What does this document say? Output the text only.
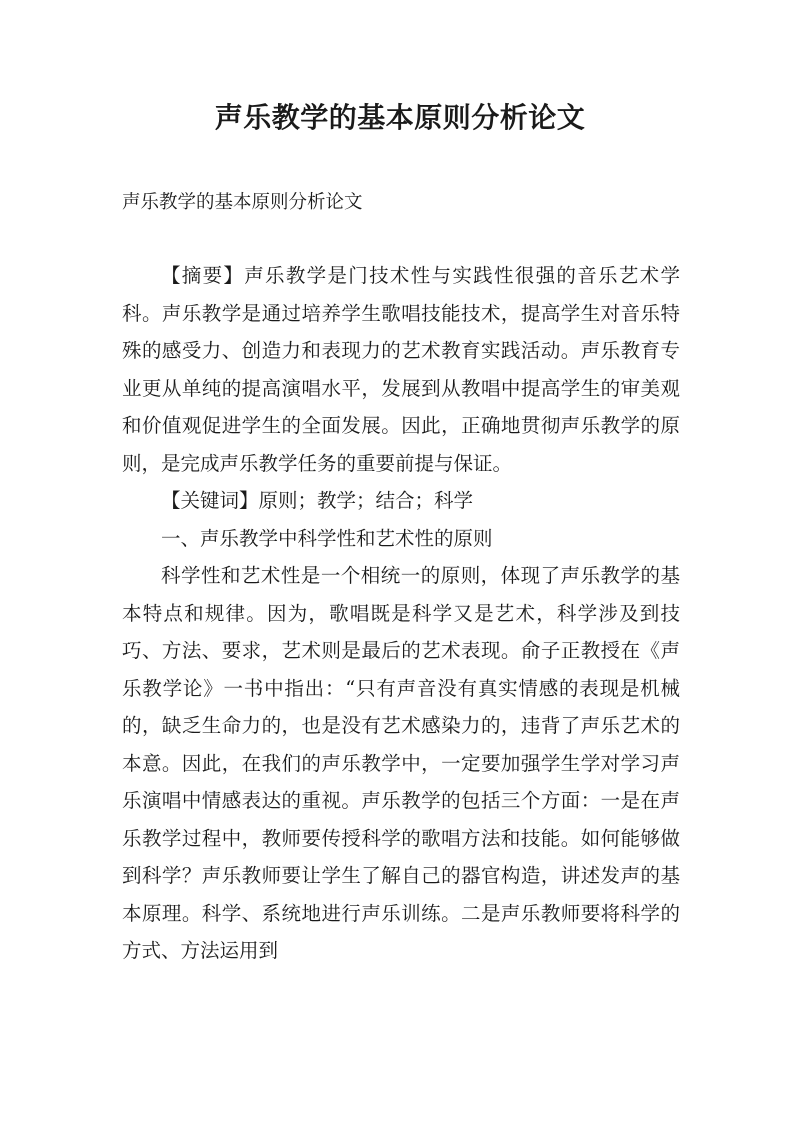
声乐教学的基本原则分析论文

声乐教学的基本原则分析论文

【摘要】声乐教学是门技术性与实践性很强的音乐艺术学科。声乐教学是通过培养学生歌唱技能技术，提高学生对音乐特殊的感受力、创造力和表现力的艺术教育实践活动。声乐教育专业更从单纯的提高演唱水平，发展到从教唱中提高学生的审美观和价值观促进学生的全面发展。因此，正确地贯彻声乐教学的原则，是完成声乐教学任务的重要前提与保证。

【关键词】原则；教学；结合；科学

一、声乐教学中科学性和艺术性的原则

科学性和艺术性是一个相统一的原则，体现了声乐教学的基本特点和规律。因为，歌唱既是科学又是艺术，科学涉及到技巧、方法、要求，艺术则是最后的艺术表现。俞子正教授在《声乐教学论》一书中指出：“只有声音没有真实情感的表现是机械的，缺乏生命力的，也是没有艺术感染力的，违背了声乐艺术的本意。因此，在我们的声乐教学中，一定要加强学生学对学习声乐演唱中情感表达的重视。声乐教学的包括三个方面：一是在声乐教学过程中，教师要传授科学的歌唱方法和技能。如何能够做到科学？声乐教师要让学生了解自己的器官构造，讲述发声的基本原理。科学、系统地进行声乐训练。二是声乐教师要将科学的方式、方法运用到
